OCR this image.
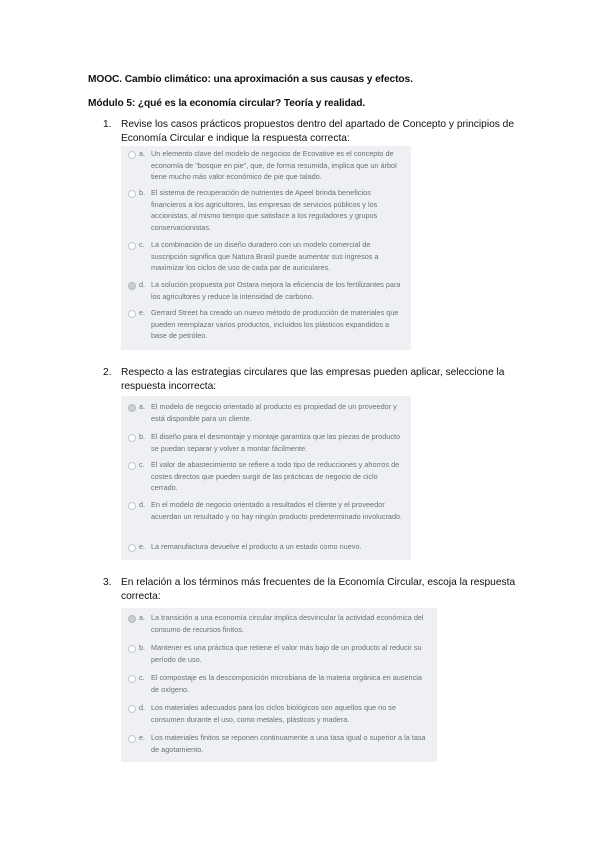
MOOC. Cambio climático: una aproximación a sus causas y efectos.
Módulo 5: ¿qué es la economía circular? Teoría y realidad.
1. Revise los casos prácticos propuestos dentro del apartado de Concepto y principios de Economía Circular e indique la respuesta correcta:
a. Un elemento clave del modelo de negocios de Ecovative es el concepto de economía de "bosque en pie", que, de forma resumida, implica que un árbol tiene mucho más valor económico de pie que talado.
b. El sistema de recuperación de nutrientes de Apeel brinda beneficios financieros a los agricultores, las empresas de servicios públicos y los accionistas, al mismo tiempo que satisface a los reguladores y grupos conservacionistas.
c. La combinación de un diseño duradero con un modelo comercial de suscripción significa que Natura Brasil puede aumentar sus ingresos a maximizar los ciclos de uso de cada par de auriculares.
d. La solución propuesta por Ostara mejora la eficiencia de los fertilizantes para los agricultores y reduce la intensidad de carbono.
e. Gerrard Street ha creado un nuevo método de producción de materiales que pueden reemplazar varios productos, incluidos los plásticos expandidos a base de petróleo.
2. Respecto a las estrategias circulares que las empresas pueden aplicar, seleccione la respuesta incorrecta:
a. El modelo de negocio orientado al producto es propiedad de un proveedor y está disponible para un cliente.
b. El diseño para el desmontaje y montaje garantiza que las piezas de producto se puedan separar y volver a montar fácilmente.
c. El valor de abastecimiento se refiere a todo tipo de reducciones y ahorros de costes directos que pueden surgir de las prácticas de negocio de ciclo cerrado.
d. En el modelo de negocio orientado a resultados el cliente y el proveedor acuerdan un resultado y no hay ningún producto predeterminado involucrado.
e. La remanufactura devuelve el producto a un estado como nuevo.
3. En relación a los términos más frecuentes de la Economía Circular, escoja la respuesta correcta:
a. La transición a una economía circular implica desvincular la actividad económica del consumo de recursos finitos.
b. Mantener es una práctica que retiene el valor más bajo de un producto al reducir su período de uso.
c. El compostaje es la descomposición microbiana de la materia orgánica en ausencia de oxígeno.
d. Los materiales adecuados para los ciclos biológicos son aquellos que no se consumen durante el uso, como metales, plásticos y madera.
e. Los materiales finitos se reponen continuamente a una tasa igual o superior a la tasa de agotamiento.
